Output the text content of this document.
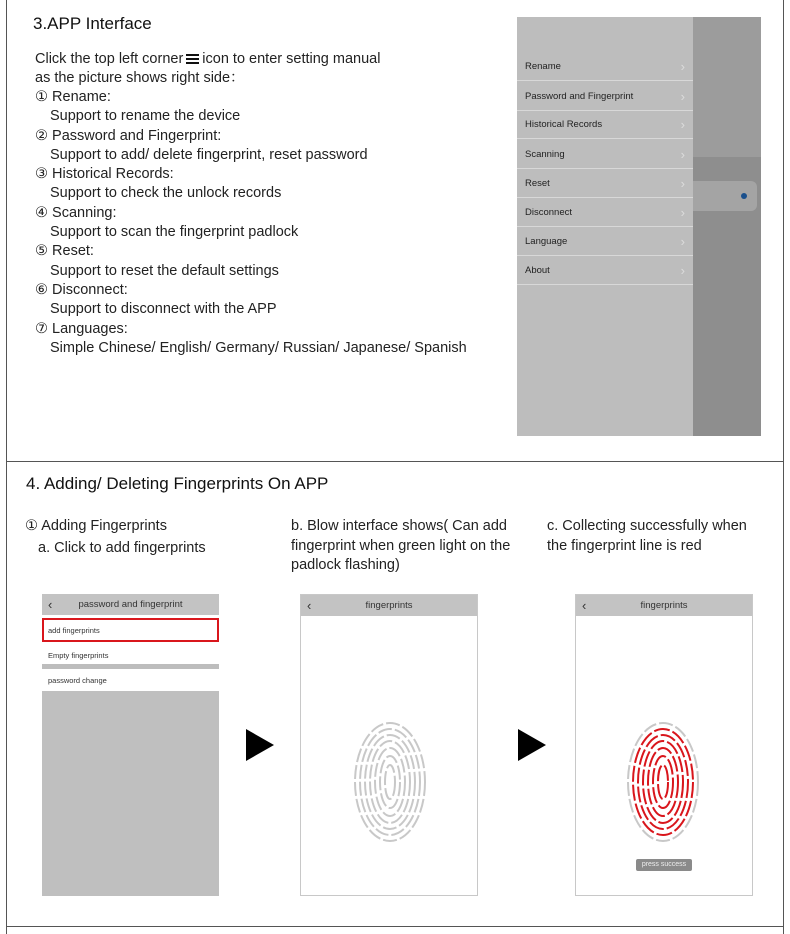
3.APP Interface
Click the top left corner icon to enter setting manual
as the picture shows right side：
① Rename:
Support to rename the device
② Password and Fingerprint:
Support to add/ delete fingerprint, reset password
③ Historical Records:
Support to check the unlock records
④ Scanning:
Support to scan the fingerprint padlock
⑤ Reset:
Support to reset the default settings
⑥ Disconnect:
Support to disconnect with the APP
⑦ Languages:
Simple Chinese/ English/ Germany/ Russian/ Japanese/ Spanish
Rename	›
Password and Fingerprint	›
Historical Records	›
Scanning	›
Reset	›
Disconnect	›
Language	›
About	›
4. Adding/ Deleting Fingerprints On APP
① Adding Fingerprints
a. Click to add fingerprints
b. Blow interface shows( Can add
fingerprint when green light on the
padlock flashing)
c. Collecting successfully when
the fingerprint line is red
‹	password and fingerprint
add fingerprints
Empty fingerprints
password change
‹	fingerprints	‹	fingerprints
press success
